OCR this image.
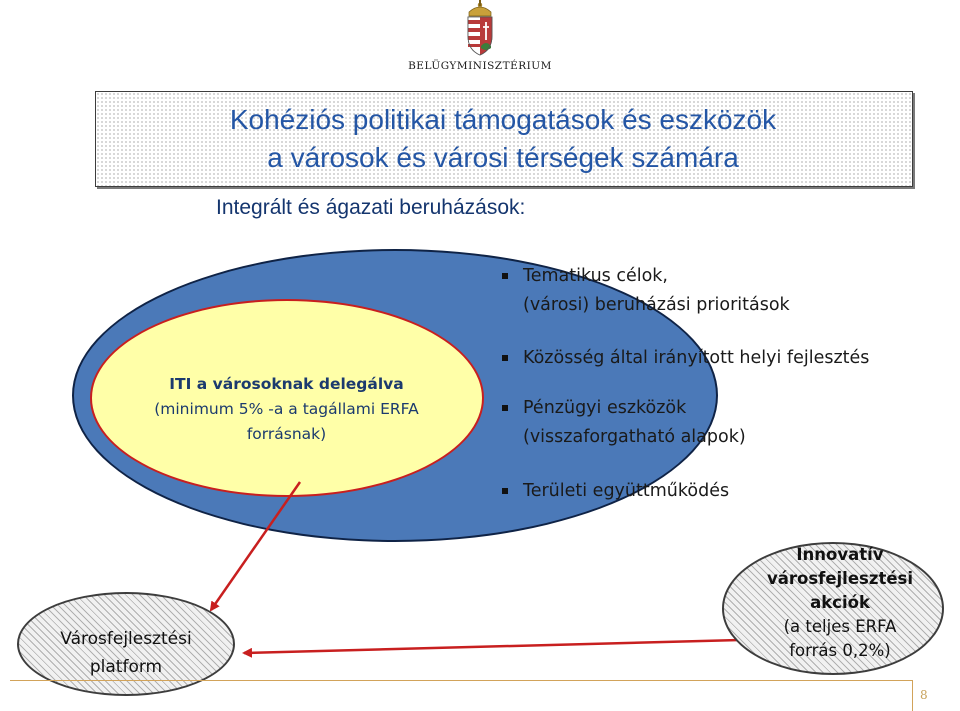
BELÜGYMINISZTÉRIUM
Kohéziós politikai támogatások és eszközök
a városok és városi térségek számára
Integrált és ágazati beruházások:
ITI a városoknak delegálva
(minimum 5% -a a tagállami ERFA
forrásnak)
Tematikus célok,
(városi) beruházási prioritások
Közösség által irányított helyi fejlesztés
Pénzügyi eszközök
(visszaforgatható alapok)
Területi együttműködés
Városfejlesztési
platform
Innovatív
városfejlesztési
akciók
(a teljes ERFA
forrás 0,2%)
8
